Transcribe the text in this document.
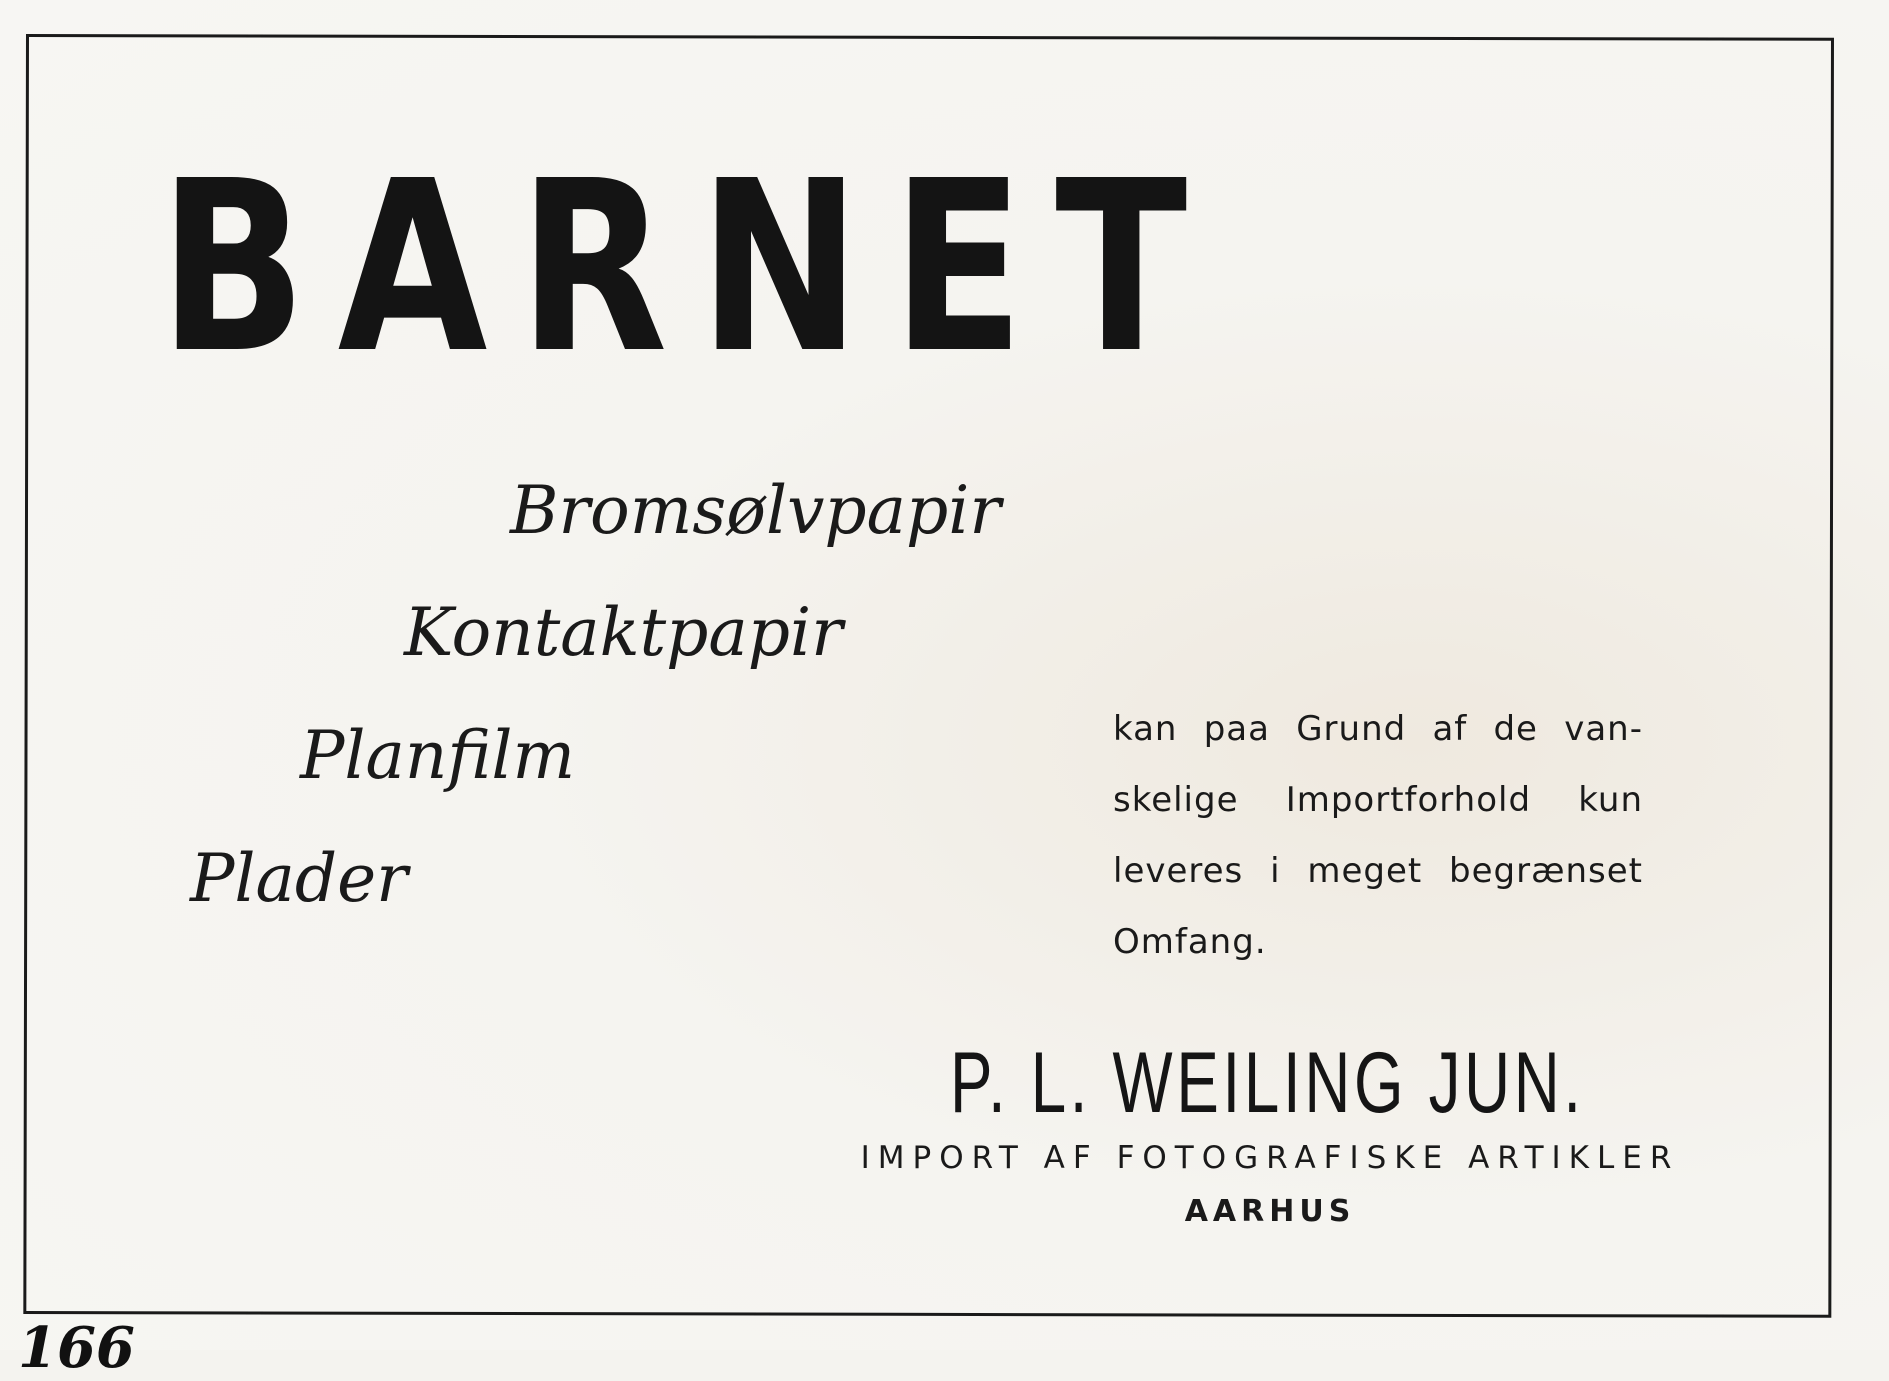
BARNET
Bromsølvpapir
Kontaktpapir
Planfilm
Plader
kan paa Grund af de van-
skelige Importforhold kun
leveres i meget begrænset
Omfang.
P. L. WEILING JUN.
IMPORT AF FOTOGRAFISKE ARTIKLER
AARHUS
166
